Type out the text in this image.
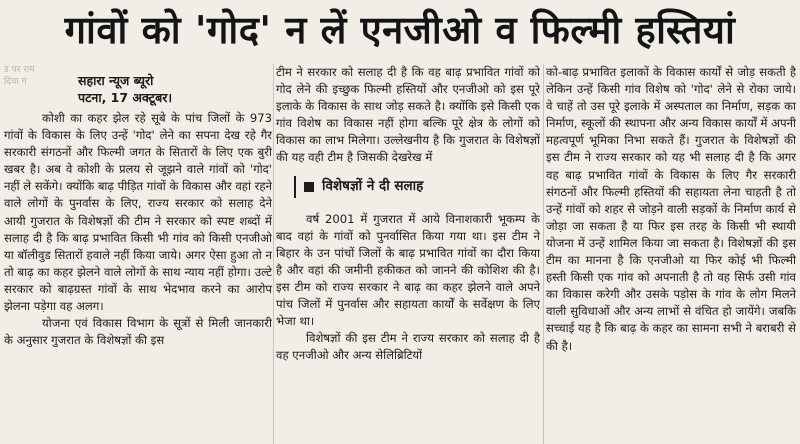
गांवों को 'गोद' न लें एनजीओ व फिल्मी हस्तियां
ड पर राम
दिया ग	सहारा न्यूज ब्यूरो
पटना, 17 अक्टूबर।

कोशी का कहर झेल रहे सूबे के पांच जिलों के 973 गांवों के विकास के लिए उन्हें 'गोद' लेने का सपना देख रहे गैर सरकारी संगठनों और फिल्मी जगत के सितारों के लिए एक बुरी खबर है। अब वे कोशी के प्रलय से जूझने वाले गांवों को 'गोद' नहीं ले सकेंगे। क्योंकि बाढ़ पीड़ित गांवों के विकास और वहां रहने वाले लोगों के पुनर्वास के लिए, राज्य सरकार को सलाह देने आयी गुजरात के विशेषज्ञों की टीम ने सरकार को स्पष्ट शब्दों में सलाह दी है कि बाढ़ प्रभावित किसी भी गांव को किसी एनजीओ या बॉलीवुड सितारों हवाले नहीं किया जाये। अगर ऐसा हुआ तो न तो बाढ़ का कहर झेलने वाले लोगों के साथ न्याय नहीं होगा। उल्टे सरकार को बाढ़ग्रस्त गांवों के साथ भेदभाव करने का आरोप झेलना पड़ेगा वह अलग।

योजना एवं विकास विभाग के सूत्रों से मिली जानकारी के अनुसार गुजरात के विशेषज्ञों की इस

टीम ने सरकार को सलाह दी है कि वह बाढ़ प्रभावित गांवों को गोद लेने की इच्छुक फिल्मी हस्तियों और एनजीओ को इस पूरे इलाके के विकास के साथ जोड़ सकते है। क्योंकि इसे किसी एक गांव विशेष का विकास नहीं होगा बल्कि पूरे क्षेत्र के लोगों को विकास का लाभ मिलेगा। उल्लेखनीय है कि गुजरात के विशेषज्ञों की यह वही टीम है जिसकी देखरेख में

विशेषज्ञों ने दी सलाह

वर्ष 2001 में गुजरात में आये विनाशकारी भूकम्प के बाद वहां के गांवों को पुनर्वासित किया गया था। इस टीम ने बिहार के उन पांचों जिलों के बाढ़ प्रभावित गांवों का दौरा किया है और वहां की जमीनी हकीकत को जानने की कोशिश की है। इस टीम को राज्य सरकार ने बाढ़ का कहर झेलने वाले अपने पांच जिलों में पुनर्वास और सहायता कार्यों के सर्वेक्षण के लिए भेजा था।

विशेषज्ञों की इस टीम ने राज्य सरकार को सलाह दी है वह एनजीओ और अन्य सेलिब्रिटियों

को-बाढ़ प्रभावित इलाकों के विकास कार्यों से जोड़ सकती है लेकिन उन्हें किसी गांव विशेष को 'गोद' लेने से रोका जाये। वे चाहें तो उस पूरे इलाके में अस्पताल का निर्माण, सड़क का निर्माण, स्कूलों की स्थापना और अन्य विकास कार्यों में अपनी महत्वपूर्ण भूमिका निभा सकते हैं। गुजरात के विशेषज्ञों की इस टीम ने राज्य सरकार को यह भी सलाह दी है कि अगर वह बाढ़ प्रभावित गांवों के विकास के लिए गैर सरकारी संगठनों और फिल्मी हस्तियों की सहायता लेना चाहती है तो उन्हें गांवों को शहर से जोड़ने वाली सड़कों के निर्माण कार्य से जोड़ा जा सकता है या फिर इस तरह के किसी भी स्थायी योजना में उन्हें शामिल किया जा सकता है। विशेषज्ञों की इस टीम का मानना है कि एनजीओ या फिर कोई भी फिल्मी हस्ती किसी एक गांव को अपनाती है तो वह सिर्फ उसी गांव का विकास करेगी और उसके पड़ोस के गांव के लोग मिलने वाली सुविधाओं और अन्य लाभों से वंचित हो जायेंगे। जबकि सच्चाई यह है कि बाढ़ के कहर का सामना सभी ने बराबरी से की है।
